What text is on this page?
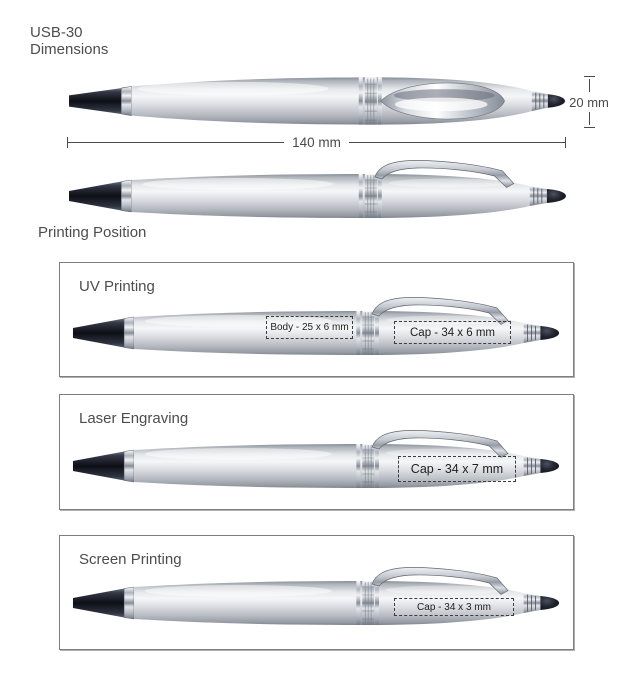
USB-30
Dimensions
20 mm
140 mm
Printing Position
UV Printing
Body - 25 x 6 mm	Cap - 34 x 6 mm
Laser Engraving
Cap - 34 x 7 mm
Screen Printing
Cap - 34 x 3 mm
